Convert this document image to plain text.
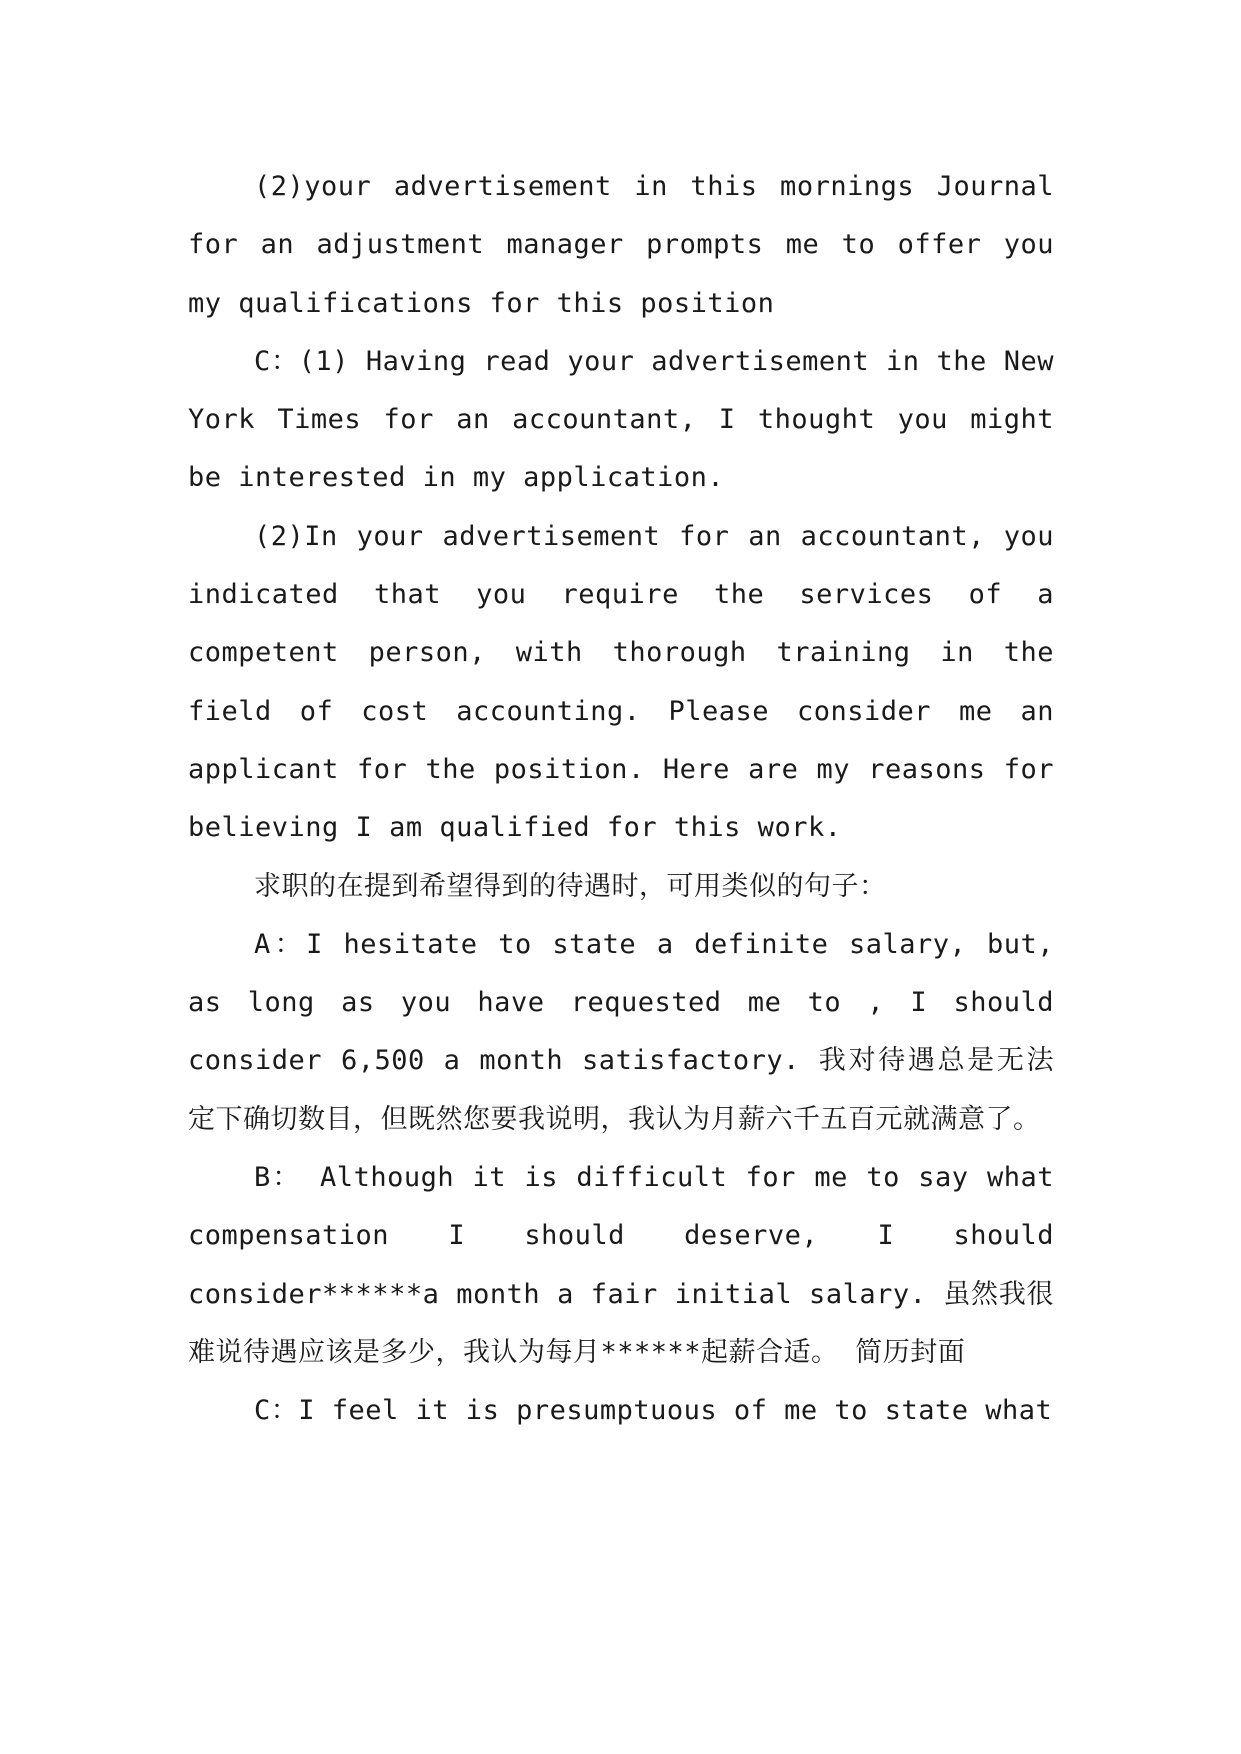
(2)your advertisement in this mornings Journal for an adjustment manager prompts me to offer you my qualifications for this position

C：(1) Having read your advertisement in the New York Times for an accountant, I thought you might be interested in my application.

(2)In your advertisement for an accountant, you indicated that you require the services of a competent person, with thorough training in the field of cost accounting. Please consider me an applicant for the position. Here are my reasons for believing I am qualified for this work.

求职的在提到希望得到的待遇时，可用类似的句子：

A：I hesitate to state a definite salary, but, as long as you have requested me to , I should consider 6,500 a month satisfactory. 我对待遇总是无法定下确切数目，但既然您要我说明，我认为月薪六千五百元就满意了。

B： Although it is difficult for me to say what compensation I should deserve, I should consider******a month a fair initial salary. 虽然我很难说待遇应该是多少，我认为每月******起薪合适。 简历封面

C：I feel it is presumptuous of me to state what
